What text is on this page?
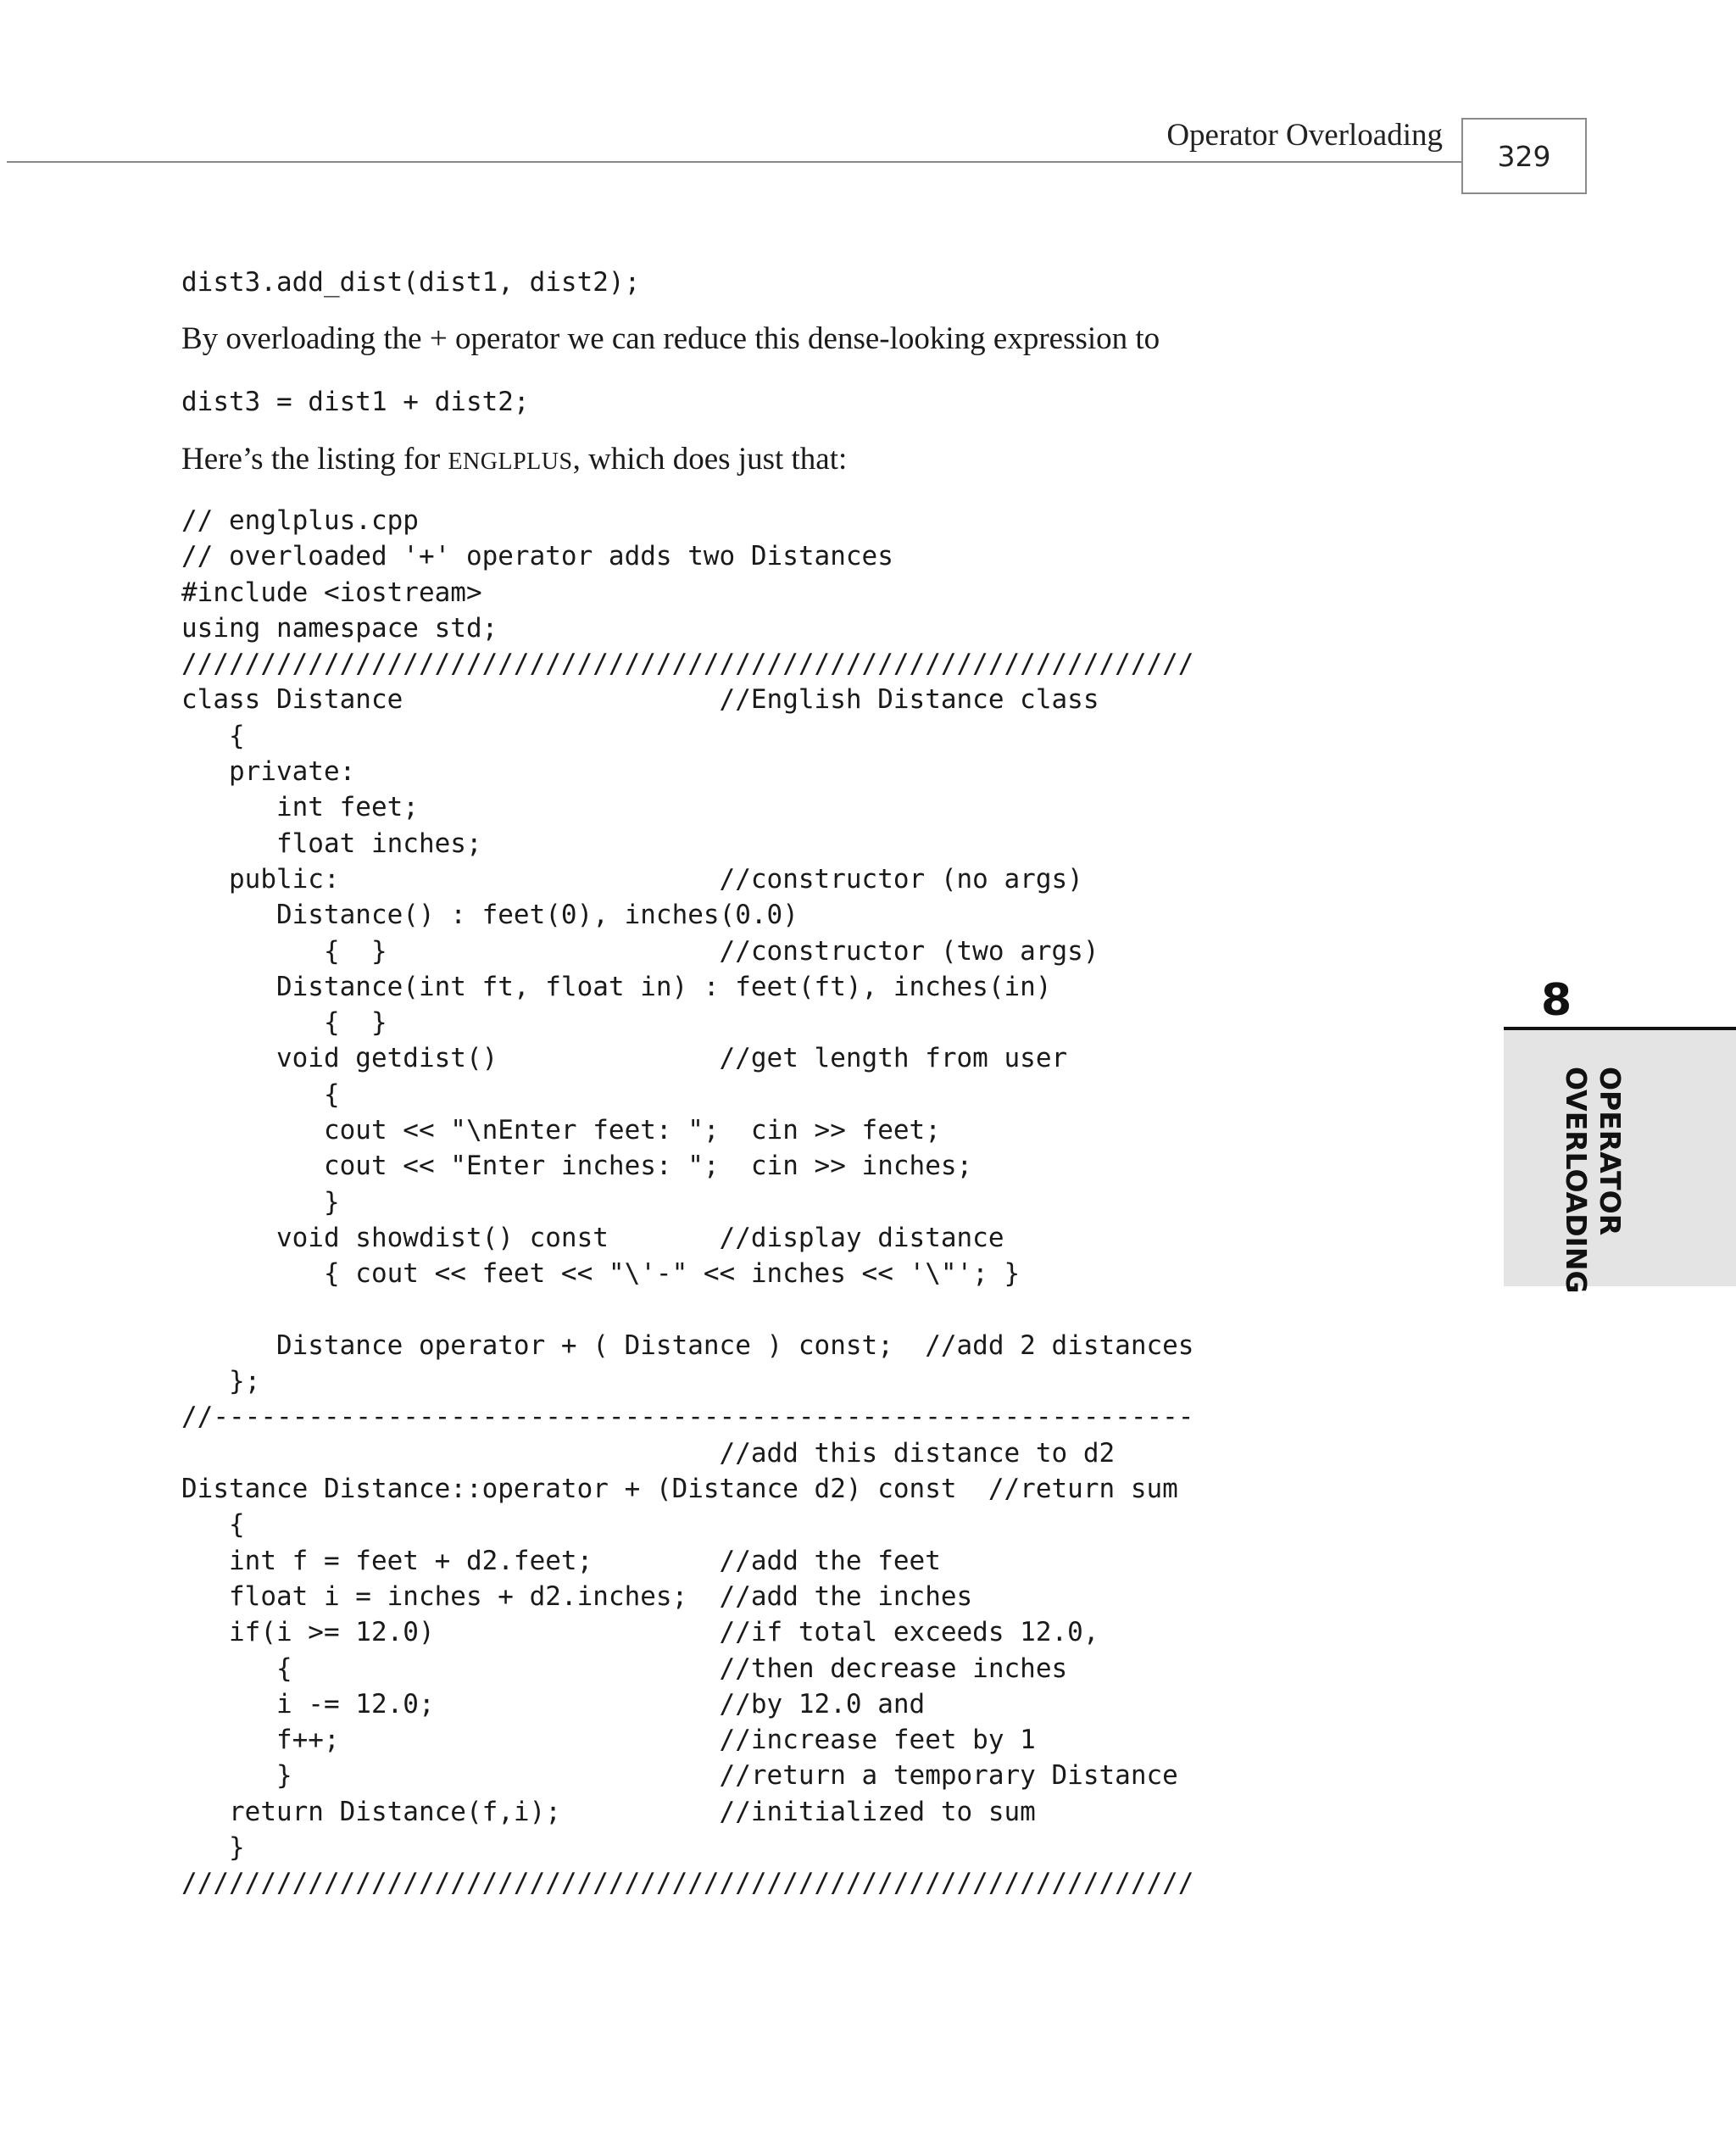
Operator Overloading
329
dist3.add_dist(dist1, dist2);

By overloading the + operator we can reduce this dense-looking expression to

dist3 = dist1 + dist2;

Here’s the listing for ENGLPLUS, which does just that:

// englplus.cpp
// overloaded '+' operator adds two Distances
#include <iostream>
using namespace std;
////////////////////////////////////////////////////////////////
class Distance                    //English Distance class
{
private:
int feet;
float inches;
public:                        //constructor (no args)
Distance() : feet(0), inches(0.0)
{  }                     //constructor (two args)
Distance(int ft, float in) : feet(ft), inches(in)
{  }
void getdist()              //get length from user
{
cout << "\nEnter feet: ";  cin >> feet;
cout << "Enter inches: ";  cin >> inches;
}
void showdist() const       //display distance
{ cout << feet << "\'-" << inches << '\"'; }

Distance operator + ( Distance ) const;  //add 2 distances
};
//--------------------------------------------------------------
//add this distance to d2
Distance Distance::operator + (Distance d2) const  //return sum
{
int f = feet + d2.feet;        //add the feet
float i = inches + d2.inches;  //add the inches
if(i >= 12.0)                  //if total exceeds 12.0,
{                           //then decrease inches
i -= 12.0;                  //by 12.0 and
f++;                        //increase feet by 1
}                           //return a temporary Distance
return Distance(f,i);          //initialized to sum
}
////////////////////////////////////////////////////////////////
8
OPERATOR
OVERLOADING
